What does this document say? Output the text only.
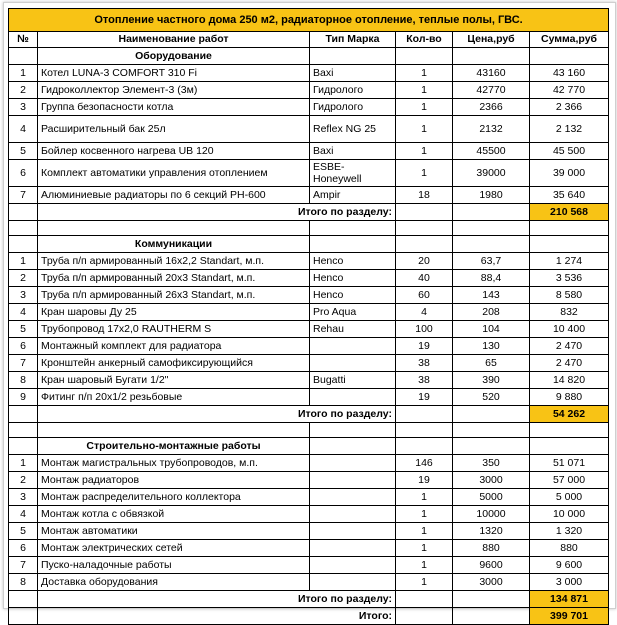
Отопление частного дома 250 м2, радиаторное отопление, теплые полы, ГВС.					
№	Наименование работ	Тип Марка	Кол-во	Цена,руб	Сумма,руб
	Оборудование				
1	Котел LUNA-3 COMFORT 310 Fi	Baxi	1	43160	43 160
2	Гидроколлектор Элемент-3 (3м)	Гидролого	1	42770	42 770
3	Группа безопасности котла	Гидролого	1	2366	2 366
4	Расширительный бак 25л	Reflex NG 25	1	2132	2 132
5	Бойлер косвенного нагрева UB 120	Baxi	1	45500	45 500
6	Комплект автоматики управления отоплением	ESBE-Honeywell	1	39000	39 000
7	Алюминиевые радиаторы по 6 секций РН-600	Ampir	18	1980	35 640
	Итого по разделу:				210 568

	Коммуникации				
1	Труба п/п армированный 16х2,2 Standart, м.п.	Henco	20	63,7	1 274
2	Труба п/п армированный 20х3 Standart, м.п.	Henco	40	88,4	3 536
3	Труба п/п армированный 26х3 Standart, м.п.	Henco	60	143	8 580
4	Кран шаровы Ду 25	Pro Aqua	4	208	832
5	Трубопровод 17х2,0 RAUTHERM S	Rehau	100	104	10 400
6	Монтажный комплект для радиатора		19	130	2 470
7	Кронштейн анкерный самофиксирующийся		38	65	2 470
8	Кран шаровый Бугати 1/2"	Bugatti	38	390	14 820
9	Фитинг п/п 20х1/2 резьбовые		19	520	9 880
	Итого по разделу:				54 262

	Строительно-монтажные работы				
1	Монтаж магистральных трубопроводов, м.п.		146	350	51 071
2	Монтаж радиаторов		19	3000	57 000
3	Монтаж распределительного коллектора		1	5000	5 000
4	Монтаж котла с обвязкой		1	10000	10 000
5	Монтаж автоматики		1	1320	1 320
6	Монтаж электрических сетей		1	880	880
7	Пуско-наладочные работы		1	9600	9 600
8	Доставка оборудования		1	3000	3 000
	Итого по разделу:				134 871
	Итого:				399 701
